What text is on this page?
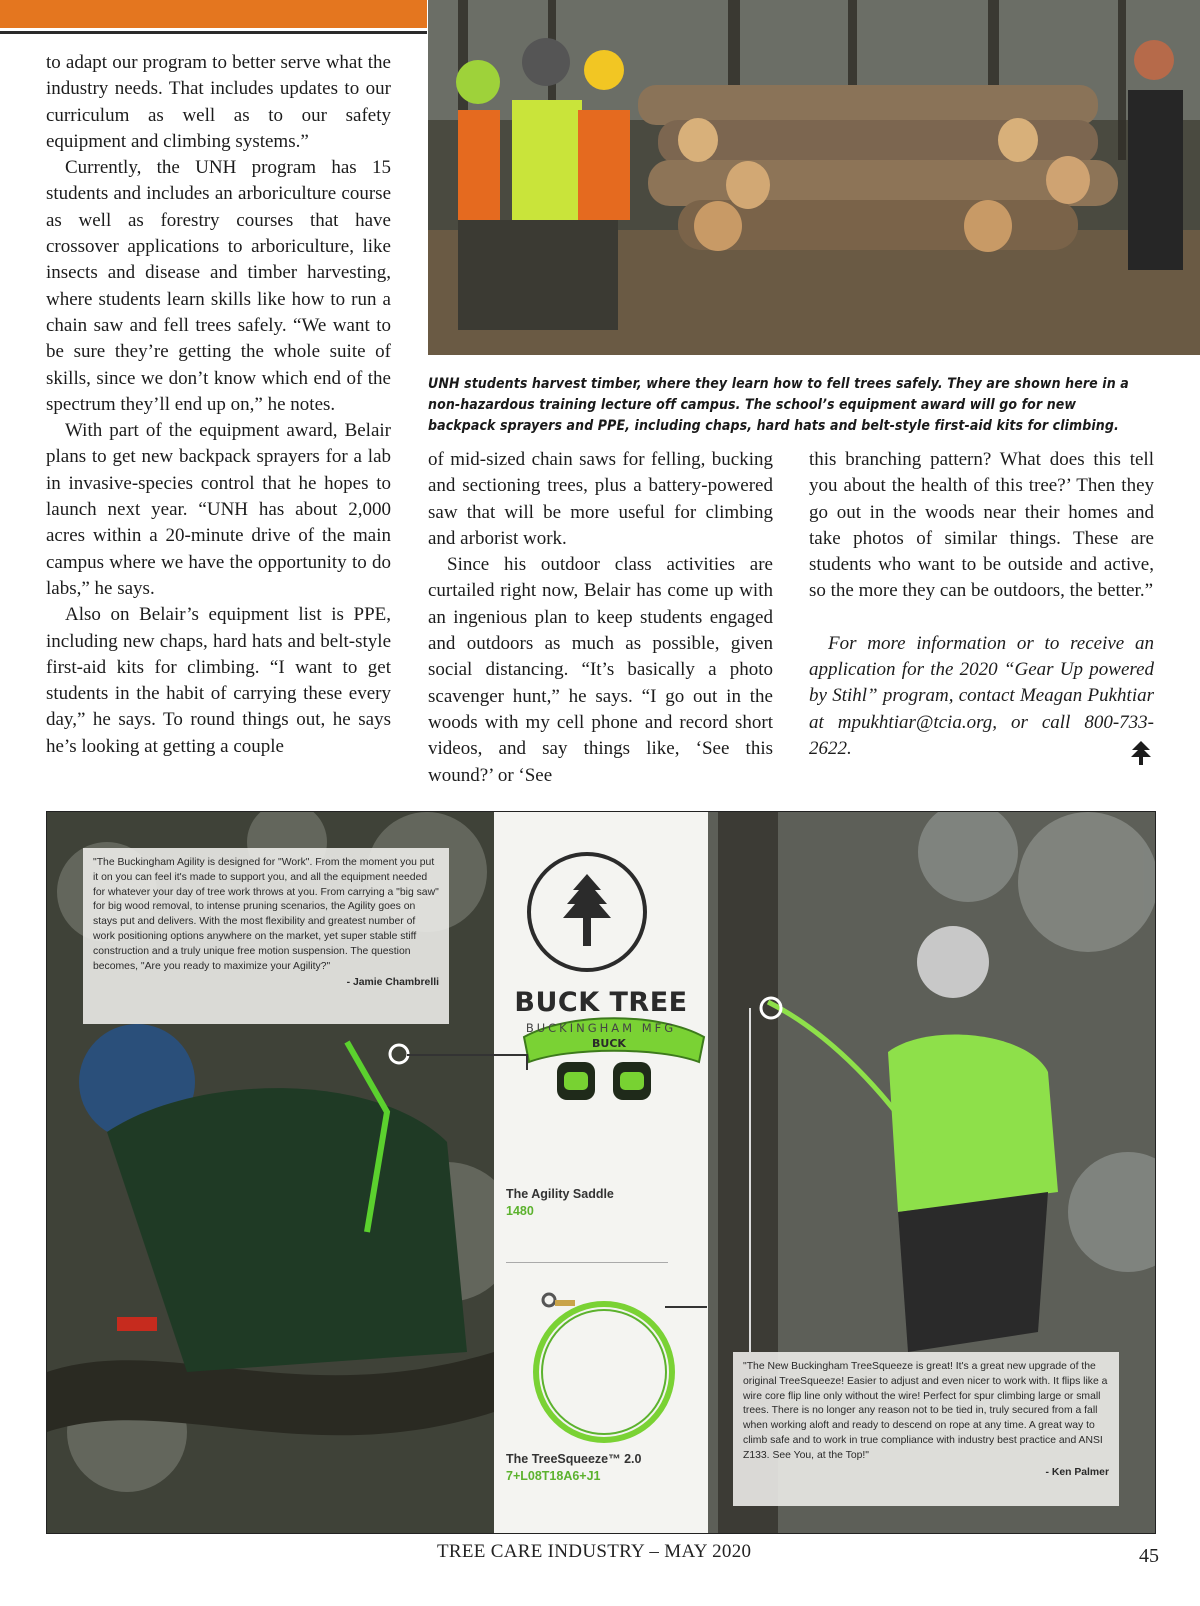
UNH students harvest timber, where they learn how to fell trees safely. They are shown here in a non-hazardous training lecture off campus. The school’s equipment award will go for new backpack sprayers and PPE, including chaps, hard hats and belt-style first-aid kits for climbing.

to adapt our program to better serve what the industry needs. That includes updates to our curriculum as well as to our safety equipment and climbing systems.”

Currently, the UNH program has 15 students and includes an arboriculture course as well as forestry courses that have crossover applications to arboriculture, like insects and disease and timber harvesting, where students learn skills like how to run a chain saw and fell trees safely. “We want to be sure they’re getting the whole suite of skills, since we don’t know which end of the spectrum they’ll end up on,” he notes.

With part of the equipment award, Belair plans to get new backpack sprayers for a lab in invasive-species control that he hopes to launch next year. “UNH has about 2,000 acres within a 20-minute drive of the main campus where we have the opportunity to do labs,” he says.

Also on Belair’s equipment list is PPE, including new chaps, hard hats and belt-style first-aid kits for climbing. “I want to get students in the habit of carrying these every day,” he says. To round things out, he says he’s looking at getting a couple

of mid-sized chain saws for felling, bucking and sectioning trees, plus a battery-powered saw that will be more useful for climbing and arborist work.

Since his outdoor class activities are curtailed right now, Belair has come up with an ingenious plan to keep students engaged and outdoors as much as possible, given social distancing. “It’s basically a photo scavenger hunt,” he says. “I go out in the woods with my cell phone and record short videos, and say things like, ‘See this wound?’ or ‘See

this branching pattern? What does this tell you about the health of this tree?’ Then they go out in the woods near their homes and take photos of similar things. These are students who want to be outside and active, so the more they can be outdoors, the better.”

For more information or to receive an application for the 2020 “Gear Up powered by Stihl” program, contact Meagan Pukhtiar at mpukhtiar@tcia.org, or call 800-733-2622.

BUCK
"The Buckingham Agility is designed for "Work". From the moment you put it on you can feel it's made to support you, and all the equipment needed for whatever your day of tree work throws at you. From carrying a "big saw" for big wood removal, to intense pruning scenarios, the Agility goes on stays put and delivers. With the most flexibility and greatest number of work positioning options anywhere on the market, yet super stable stiff construction and a truly unique free motion suspension. The question becomes, "Are you ready to maximize your Agility?"
- Jamie Chambrelli
"The New Buckingham TreeSqueeze is great! It's a great new upgrade of the original TreeSqueeze! Easier to adjust and even nicer to work with. It flips like a wire core flip line only without the wire! Perfect for spur climbing large or small trees. There is no longer any reason not to be tied in, truly secured from a fall when working aloft and ready to descend on rope at any time. A great way to climb safe and to work in true compliance with industry best practice and ANSI Z133. See You, at the Top!"
- Ken Palmer
BUCK TREE
BUCKINGHAM MFG
The Agility Saddle
1480
The TreeSqueeze™ 2.0
7+L08T18A6+J1
TREE CARE INDUSTRY – MAY 2020	45
